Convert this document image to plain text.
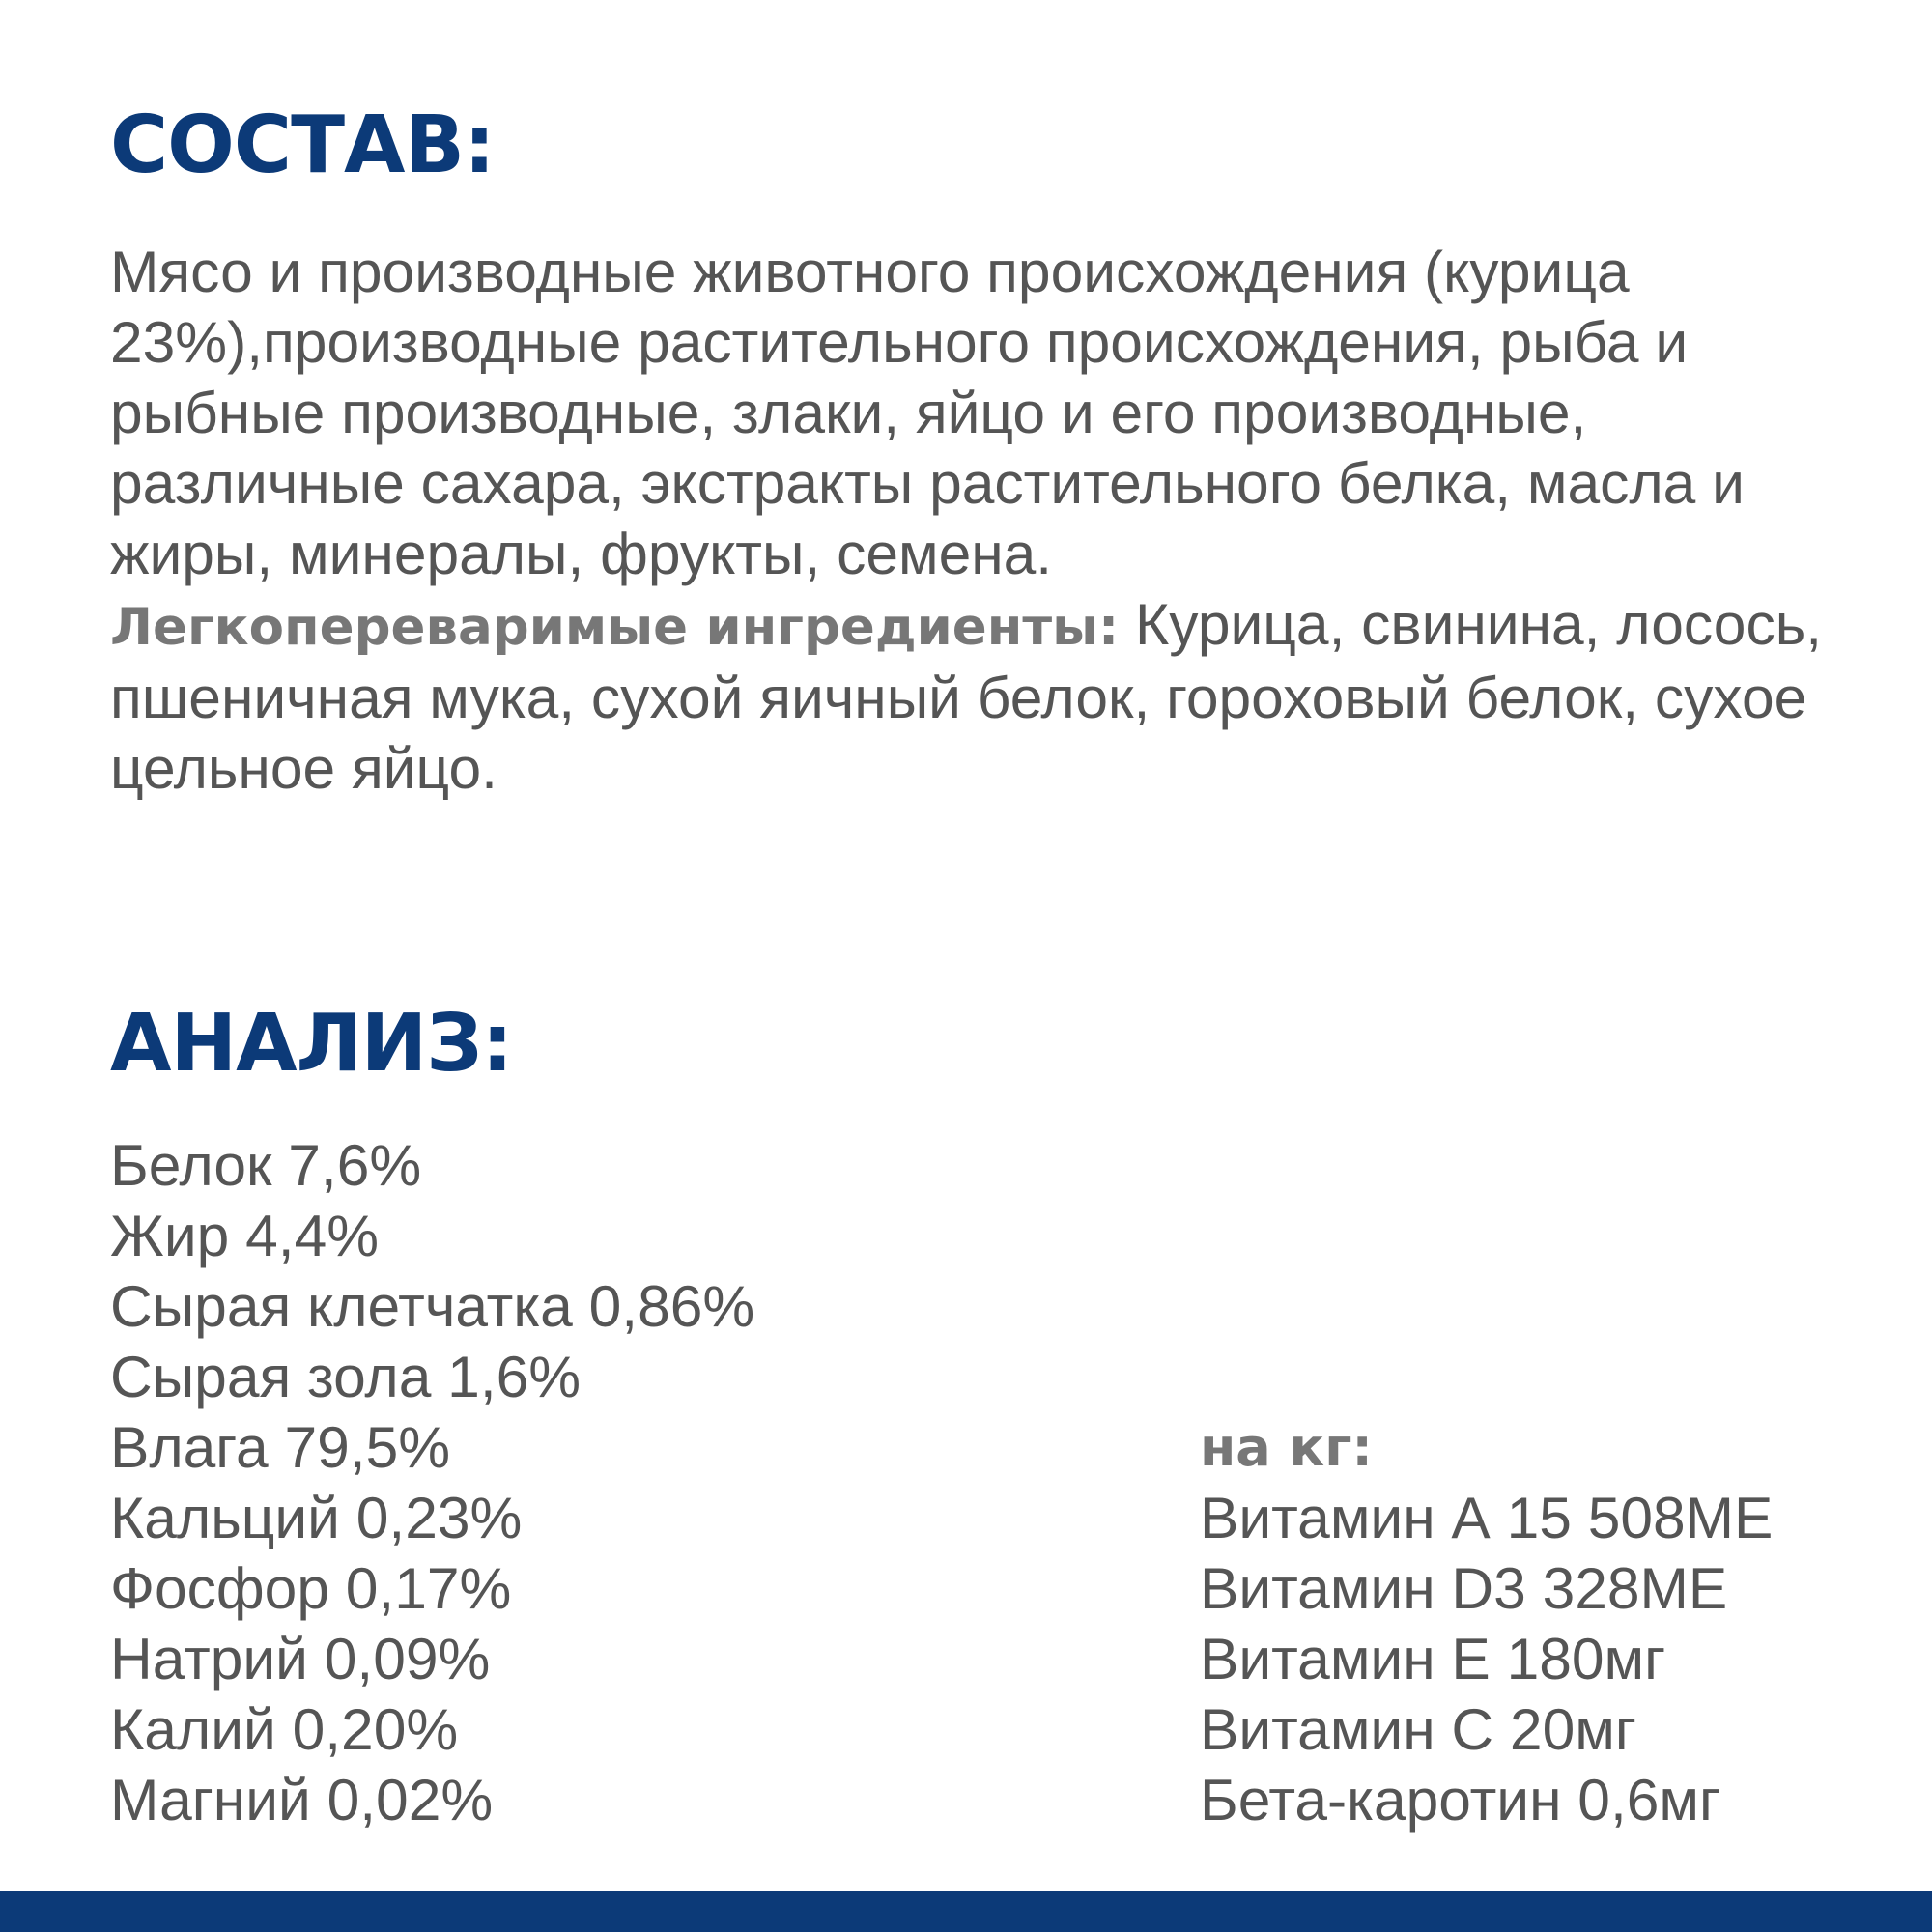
СОСТАВ:

Мясо и производные животного происхождения (курица 23%),производные растительного происхождения, рыба и рыбные производные, злаки, яйцо и его производные, различные сахара, экстракты растительного белка, масла и жиры, минералы, фрукты, семена.

Легкопереваримые ингредиенты: Курица, свинина, лосось, пшеничная мука, сухой яичный белок, гороховый белок, сухое цельное яйцо.

АНАЛИЗ:
Белок 7,6%
Жир 4,4%
Сырая клетчатка 0,86%
Сырая зола 1,6%
Влага 79,5%
Кальций 0,23%
Фосфор 0,17%
Натрий 0,09%
Калий 0,20%
Магний 0,02%
на кг:
Витамин А 15 508МЕ
Витамин D3 328МЕ
Витамин Е 180мг
Витамин С 20мг
Бета-каротин 0,6мг
